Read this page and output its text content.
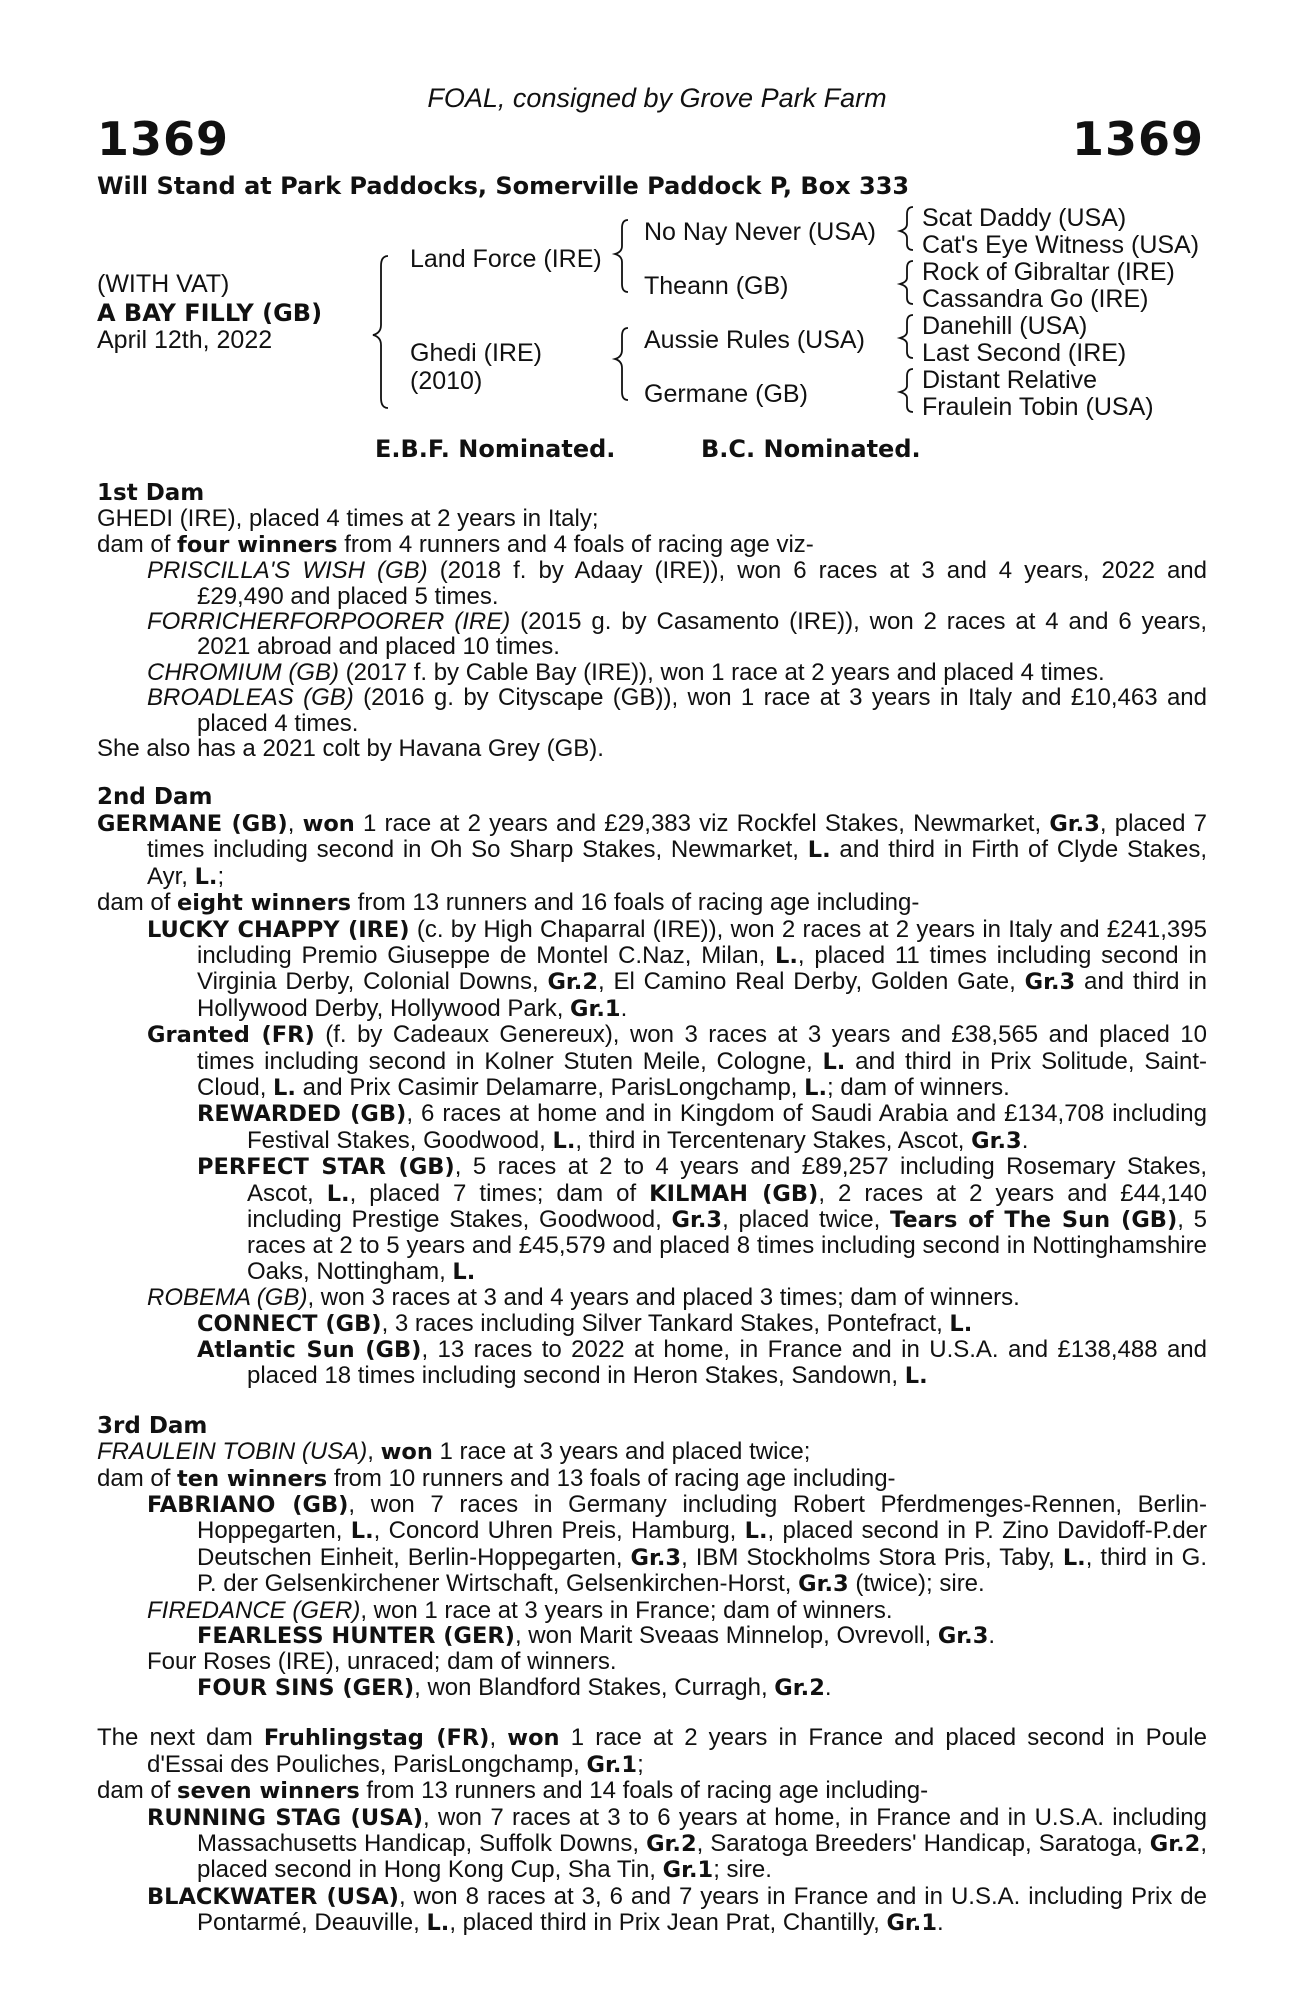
FOAL, consigned by Grove Park Farm
1369	1369
Will Stand at Park Paddocks, Somerville Paddock P, Box 333
(WITH VAT)
A BAY FILLY (GB)
April 12th, 2022
Land Force (IRE)
Ghedi (IRE)
(2010)
No Nay Never (USA)
Theann (GB)
Aussie Rules (USA)
Germane (GB)
Scat Daddy (USA)
Cat's Eye Witness (USA)
Rock of Gibraltar (IRE)
Cassandra Go (IRE)
Danehill (USA)
Last Second (IRE)
Distant Relative
Fraulein Tobin (USA)
E.B.F. Nominated.	B.C. Nominated.
1st Dam
GHEDI (IRE), placed 4 times at 2 years in Italy;
dam of four winners from 4 runners and 4 foals of racing age viz-
PRISCILLA'S WISH (GB) (2018 f. by Adaay (IRE)), won 6 races at 3 and 4 years, 2022 and £29,490 and placed 5 times.
FORRICHERFORPOORER (IRE) (2015 g. by Casamento (IRE)), won 2 races at 4 and 6 years, 2021 abroad and placed 10 times.
CHROMIUM (GB) (2017 f. by Cable Bay (IRE)), won 1 race at 2 years and placed 4 times.
BROADLEAS (GB) (2016 g. by Cityscape (GB)), won 1 race at 3 years in Italy and £10,463 and placed 4 times.
She also has a 2021 colt by Havana Grey (GB).
2nd Dam
GERMANE (GB), won 1 race at 2 years and £29,383 viz Rockfel Stakes, Newmarket, Gr.3, placed 7 times including second in Oh So Sharp Stakes, Newmarket, L. and third in Firth of Clyde Stakes, Ayr, L.;
dam of eight winners from 13 runners and 16 foals of racing age including-
LUCKY CHAPPY (IRE) (c. by High Chaparral (IRE)), won 2 races at 2 years in Italy and £241,395 including Premio Giuseppe de Montel C.Naz, Milan, L., placed 11 times including second in Virginia Derby, Colonial Downs, Gr.2, El Camino Real Derby, Golden Gate, Gr.3 and third in Hollywood Derby, Hollywood Park, Gr.1.
Granted (FR) (f. by Cadeaux Genereux), won 3 races at 3 years and £38,565 and placed 10 times including second in Kolner Stuten Meile, Cologne, L. and third in Prix Solitude, Saint-Cloud, L. and Prix Casimir Delamarre, ParisLongchamp, L.; dam of winners.
REWARDED (GB), 6 races at home and in Kingdom of Saudi Arabia and £134,708 including Festival Stakes, Goodwood, L., third in Tercentenary Stakes, Ascot, Gr.3.
PERFECT STAR (GB), 5 races at 2 to 4 years and £89,257 including Rosemary Stakes, Ascot, L., placed 7 times; dam of KILMAH (GB), 2 races at 2 years and £44,140 including Prestige Stakes, Goodwood, Gr.3, placed twice, Tears of The Sun (GB), 5 races at 2 to 5 years and £45,579 and placed 8 times including second in Nottinghamshire Oaks, Nottingham, L.
ROBEMA (GB), won 3 races at 3 and 4 years and placed 3 times; dam of winners.
CONNECT (GB), 3 races including Silver Tankard Stakes, Pontefract, L.
Atlantic Sun (GB), 13 races to 2022 at home, in France and in U.S.A. and £138,488 and placed 18 times including second in Heron Stakes, Sandown, L.
3rd Dam
FRAULEIN TOBIN (USA), won 1 race at 3 years and placed twice;
dam of ten winners from 10 runners and 13 foals of racing age including-
FABRIANO (GB), won 7 races in Germany including Robert Pferdmenges-Rennen, Berlin-Hoppegarten, L., Concord Uhren Preis, Hamburg, L., placed second in P. Zino Davidoff-P.der Deutschen Einheit, Berlin-Hoppegarten, Gr.3, IBM Stockholms Stora Pris, Taby, L., third in G. P. der Gelsenkirchener Wirtschaft, Gelsenkirchen-Horst, Gr.3 (twice); sire.
FIREDANCE (GER), won 1 race at 3 years in France; dam of winners.
FEARLESS HUNTER (GER), won Marit Sveaas Minnelop, Ovrevoll, Gr.3.
Four Roses (IRE), unraced; dam of winners.
FOUR SINS (GER), won Blandford Stakes, Curragh, Gr.2.
The next dam Fruhlingstag (FR), won 1 race at 2 years in France and placed second in Poule d'Essai des Pouliches, ParisLongchamp, Gr.1;
dam of seven winners from 13 runners and 14 foals of racing age including-
RUNNING STAG (USA), won 7 races at 3 to 6 years at home, in France and in U.S.A. including Massachusetts Handicap, Suffolk Downs, Gr.2, Saratoga Breeders' Handicap, Saratoga, Gr.2, placed second in Hong Kong Cup, Sha Tin, Gr.1; sire.
BLACKWATER (USA), won 8 races at 3, 6 and 7 years in France and in U.S.A. including Prix de Pontarmé, Deauville, L., placed third in Prix Jean Prat, Chantilly, Gr.1.
